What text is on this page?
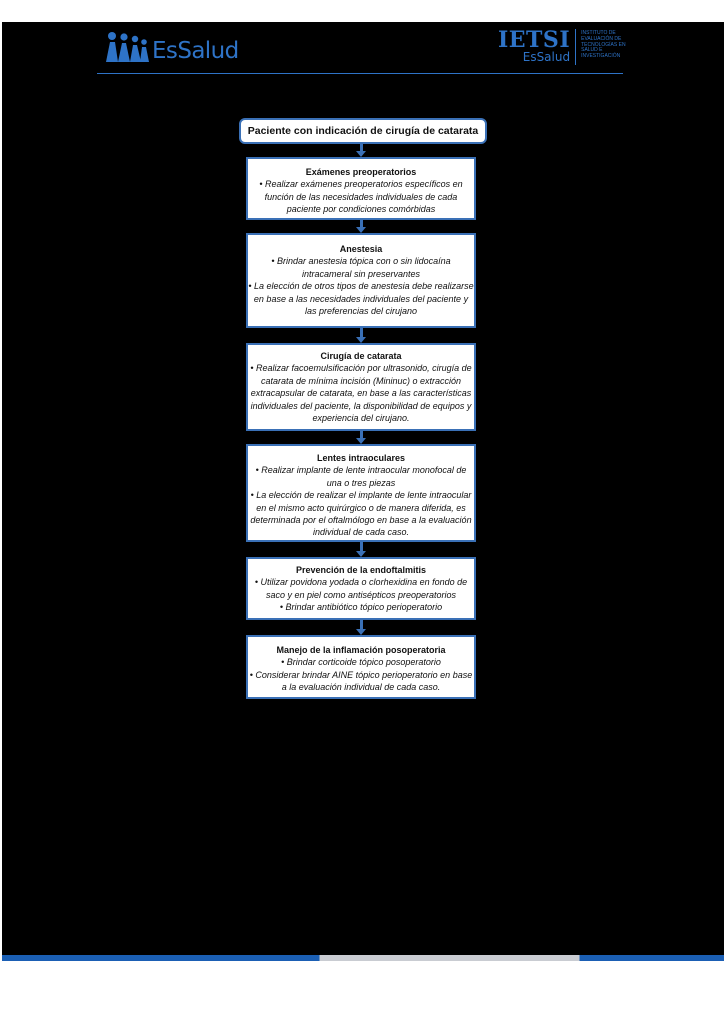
EsSalud	IETSI
EsSalud
INSTITUTO DE
EVALUACIÓN DE
TECNOLOGÍAS EN
SALUD E
INVESTIGACIÓN
Paciente con indicación de cirugía de catarata
Exámenes preoperatorios
• Realizar exámenes preoperatorios específicos en función de las necesidades individuales de cada paciente por condiciones comórbidas
Anestesia
• Brindar anestesia tópica con o sin lidocaína intracameral sin preservantes
• La elección de otros tipos de anestesia debe realizarse en base a las necesidades individuales del paciente y las preferencias del cirujano
Cirugía de catarata
• Realizar facoemulsificación por ultrasonido, cirugía de catarata de mínima incisión (Mininuc) o extracción extracapsular de catarata, en base a las características individuales del paciente, la disponibilidad de equipos y experiencia del cirujano.
Lentes intraoculares
• Realizar implante de lente intraocular monofocal de una o tres piezas
• La elección de realizar el implante de lente intraocular en el mismo acto quirúrgico o de manera diferida, es determinada por el oftalmólogo en base a la evaluación individual de cada caso.
Prevención de la endoftalmitis
• Utilizar povidona yodada o clorhexidina en fondo de saco y en piel como antisépticos preoperatorios
• Brindar antibiótico tópico perioperatorio
Manejo de la inflamación posoperatoria
• Brindar corticoide tópico posoperatorio
• Considerar brindar AINE tópico perioperatorio en base a la evaluación individual de cada caso.
